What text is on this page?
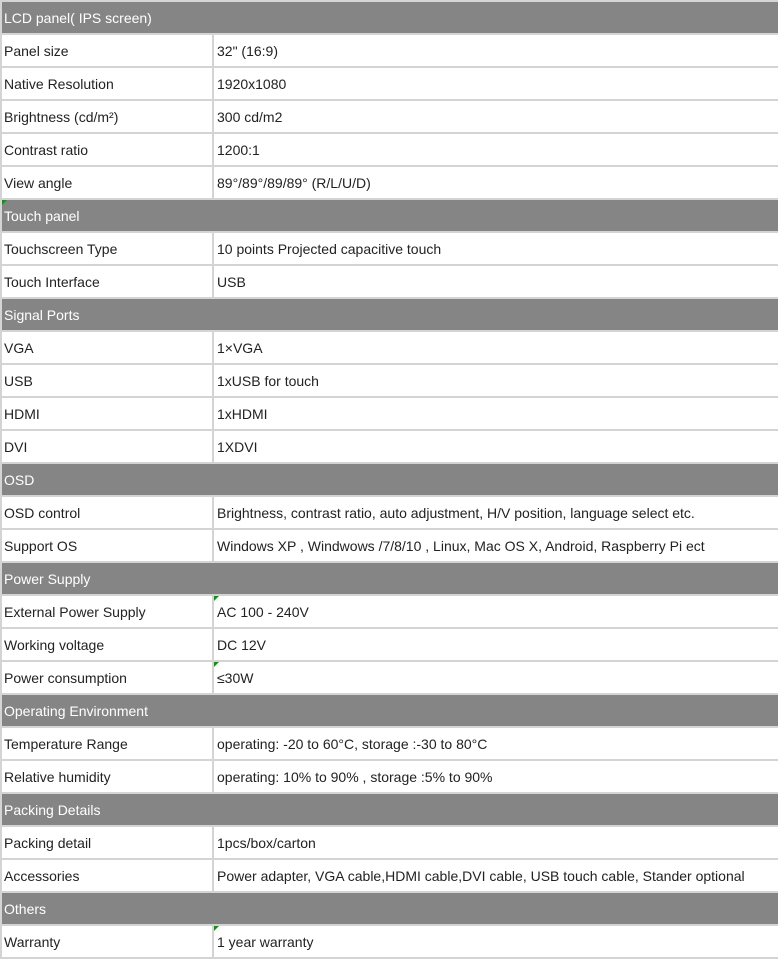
LCD panel( IPS screen)	
Panel size	32" (16:9)
Native Resolution	1920x1080
Brightness (cd/m²)	300 cd/m2
Contrast ratio	1200:1
View angle	89°/89°/89/89° (R/L/U/D)
Touch panel	
Touchscreen Type	10 points Projected capacitive touch
Touch Interface	USB
Signal Ports	
VGA	1×VGA
USB	1xUSB for touch
HDMI	1xHDMI
DVI	1XDVI
OSD	
OSD control	Brightness, contrast ratio, auto adjustment, H/V position, language select etc.
Support OS	Windows XP , Windwows /7/8/10 , Linux, Mac OS X, Android, Raspberry Pi ect
Power Supply	
External Power Supply	AC 100 - 240V
Working voltage	DC 12V
Power consumption	≤30W
Operating Environment	
Temperature Range	operating: -20 to 60°C, storage :-30 to 80°C
Relative humidity	operating: 10% to 90% , storage :5% to 90%
Packing Details	
Packing detail	1pcs/box/carton
Accessories	Power adapter, VGA cable,HDMI cable,DVI cable, USB touch cable, Stander optional
Others	
Warranty	1 year warranty
